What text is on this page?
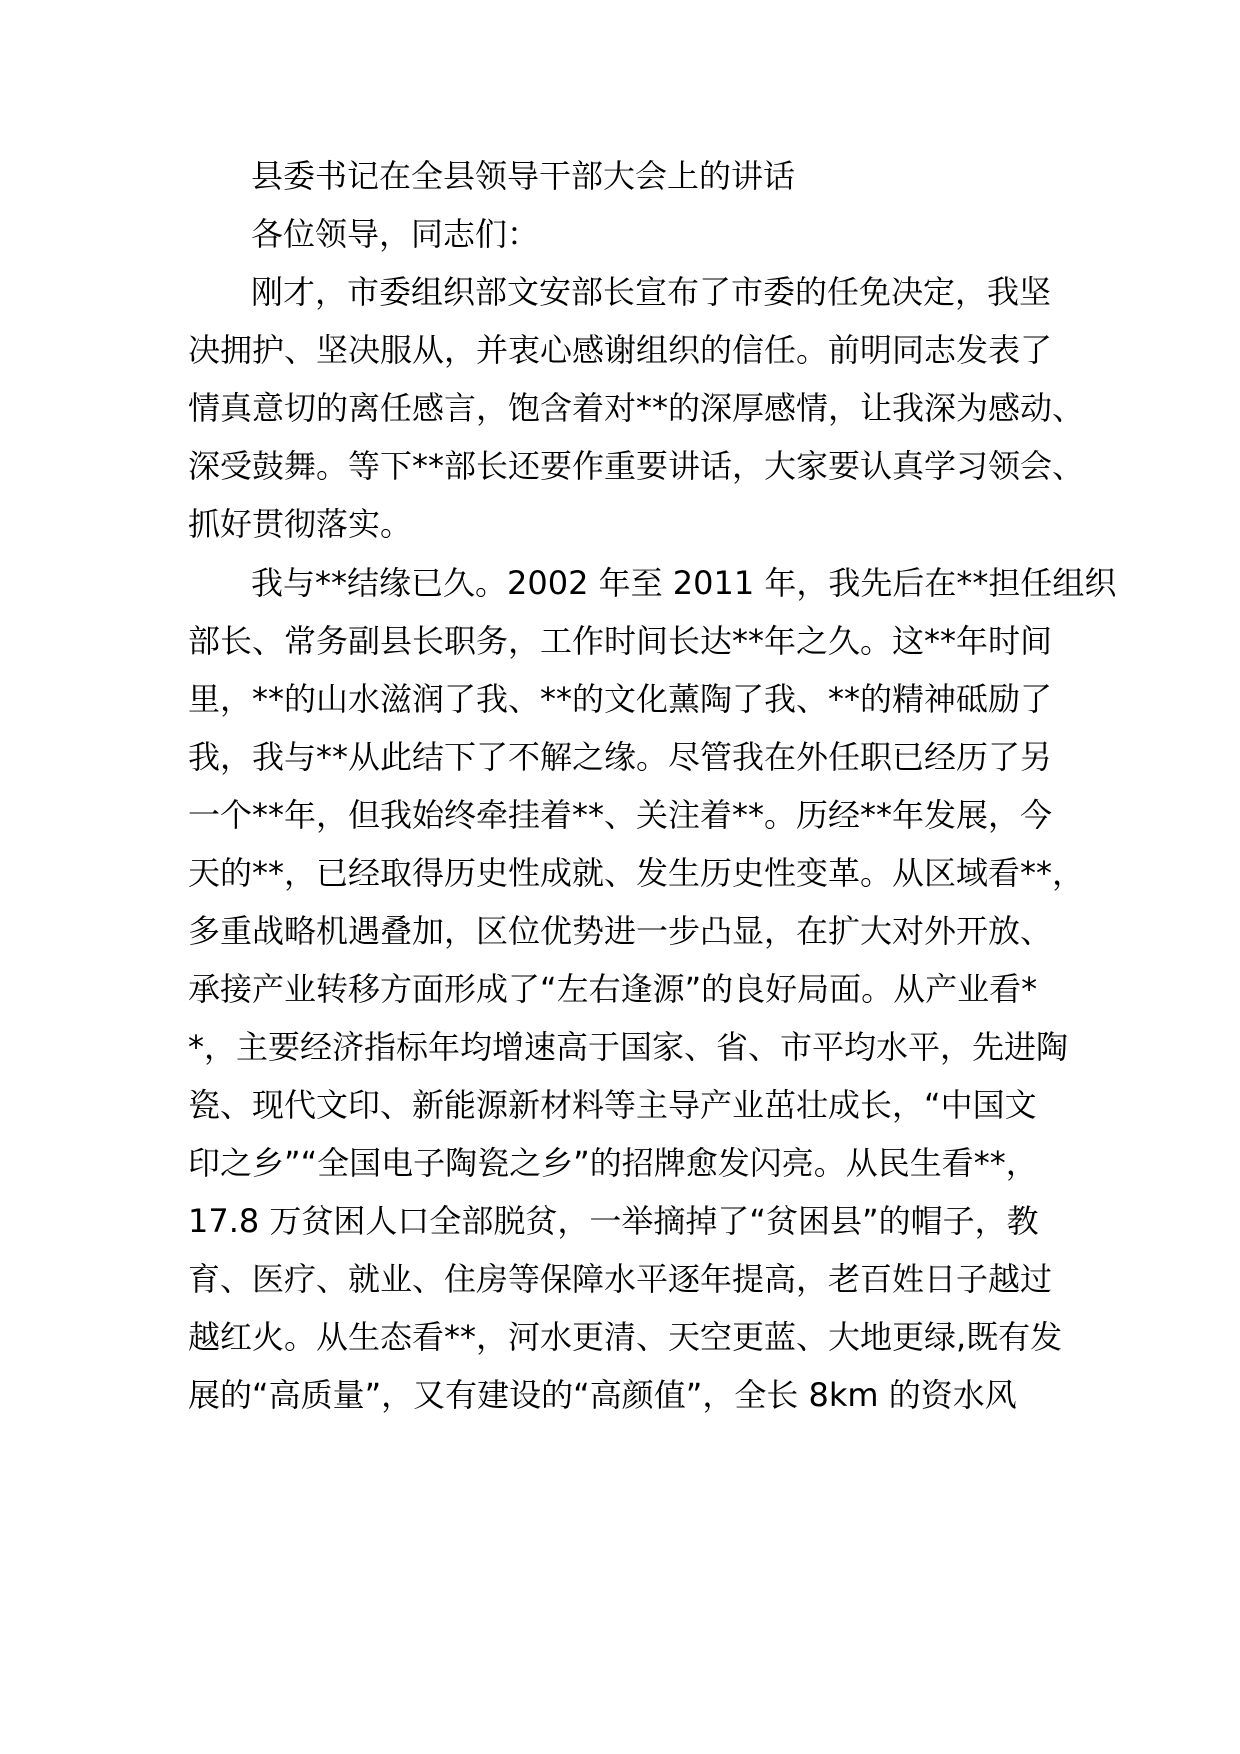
县委书记在全县领导干部大会上的讲话
各位领导，同志们：
刚才，市委组织部文安部长宣布了市委的任免决定，我坚
决拥护、坚决服从，并衷心感谢组织的信任。前明同志发表了
情真意切的离任感言，饱含着对**的深厚感情，让我深为感动、
深受鼓舞。等下**部长还要作重要讲话，大家要认真学习领会、
抓好贯彻落实。
我与**结缘已久。2002 年至 2011 年，我先后在**担任组织
部长、常务副县长职务，工作时间长达**年之久。这**年时间
里，**的山水滋润了我、**的文化薰陶了我、**的精神砥励了
我，我与**从此结下了不解之缘。尽管我在外任职已经历了另
一个**年，但我始终牵挂着**、关注着**。历经**年发展，今
天的**，已经取得历史性成就、发生历史性变革。从区域看**，
多重战略机遇叠加，区位优势进一步凸显，在扩大对外开放、
承接产业转移方面形成了“左右逢源”的良好局面。从产业看*
*，主要经济指标年均增速高于国家、省、市平均水平，先进陶
瓷、现代文印、新能源新材料等主导产业茁壮成长，“中国文
印之乡”“全国电子陶瓷之乡”的招牌愈发闪亮。从民生看**，
17.8 万贫困人口全部脱贫，一举摘掉了“贫困县”的帽子，教
育、医疗、就业、住房等保障水平逐年提高，老百姓日子越过
越红火。从生态看**，河水更清、天空更蓝、大地更绿,既有发
展的“高质量”，又有建设的“高颜值”，全长 8km 的资水风
